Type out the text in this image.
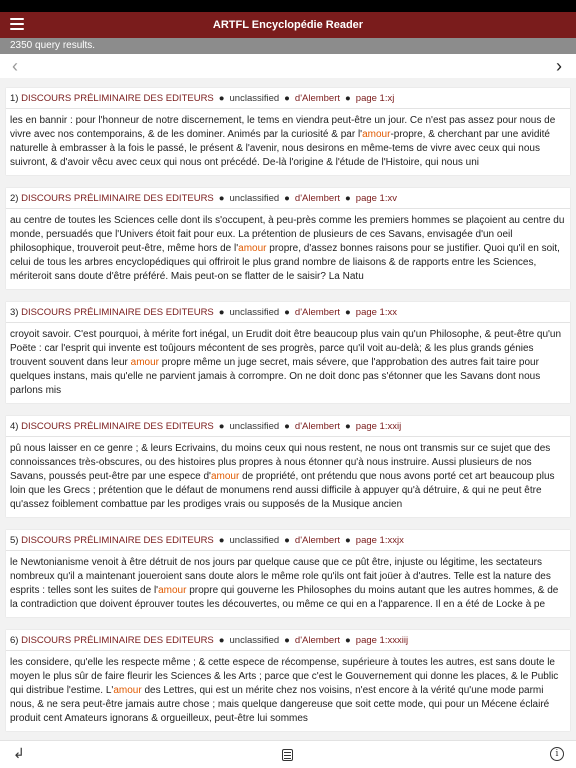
ARTFL Encyclopédie Reader
2350 query results.
‹	›
1) DISCOURS PRÉLIMINAIRE DES EDITEURS ● unclassified ● d'Alembert ● page 1:xj
les en bannir : pour l'honneur de notre discernement, le tems en viendra peut-être un jour. Ce n'est pas assez pour nous de vivre avec nos contemporains, & de les dominer. Animés par la curiosité & par l'amour-propre, & cherchant par une avidité naturelle à embrasser à la fois le passé, le présent & l'avenir, nous desirons en même-tems de vivre avec ceux qui nous suivront, & d'avoir vêcu avec ceux qui nous ont précédé. De-là l'origine & l'étude de l'Histoire, qui nous uni
2) DISCOURS PRÉLIMINAIRE DES EDITEURS ● unclassified ● d'Alembert ● page 1:xv
au centre de toutes les Sciences celle dont ils s'occupent, à peu-près comme les premiers hommes se plaçoient au centre du monde, persuadés que l'Univers étoit fait pour eux. La prétention de plusieurs de ces Savans, envisagée d'un oeil philosophique, trouveroit peut-être, même hors de l'amour propre, d'assez bonnes raisons pour se justifier. Quoi qu'il en soit, celui de tous les arbres encyclopédiques qui offriroit le plus grand nombre de liaisons & de rapports entre les Sciences, mériteroit sans doute d'être préféré. Mais peut-on se flatter de le saisir? La Natu
3) DISCOURS PRÉLIMINAIRE DES EDITEURS ● unclassified ● d'Alembert ● page 1:xx
croyoit savoir. C'est pourquoi, à mérite fort inégal, un Erudit doit être beaucoup plus vain qu'un Philosophe, & peut-être qu'un Poëte : car l'esprit qui invente est toûjours mécontent de ses progrès, parce qu'il voit au-delà; & les plus grands génies trouvent souvent dans leur amour propre même un juge secret, mais sévere, que l'approbation des autres fait taire pour quelques instans, mais qu'elle ne parvient jamais à corrompre. On ne doit donc pas s'étonner que les Savans dont nous parlons mis
4) DISCOURS PRÉLIMINAIRE DES EDITEURS ● unclassified ● d'Alembert ● page 1:xxij
pû nous laisser en ce genre ; & leurs Ecrivains, du moins ceux qui nous restent, ne nous ont transmis sur ce sujet que des connoissances très-obscures, ou des histoires plus propres à nous étonner qu'à nous instruire. Aussi plusieurs de nos Savans, poussés peut-être par une espece d'amour de propriété, ont prétendu que nous avons porté cet art beaucoup plus loin que les Grecs ; prétention que le défaut de monumens rend aussi difficile à appuyer qu'à détruire, & qui ne peut être qu'assez foiblement combattue par les prodiges vrais ou supposés de la Musique ancien
5) DISCOURS PRÉLIMINAIRE DES EDITEURS ● unclassified ● d'Alembert ● page 1:xxjx
le Newtonianisme venoit à être détruit de nos jours par quelque cause que ce pût être, injuste ou légitime, les sectateurs nombreux qu'il a maintenant joueroient sans doute alors le même role qu'ils ont fait joüer à d'autres. Telle est la nature des esprits : telles sont les suites de l'amour propre qui gouverne les Philosophes du moins autant que les autres hommes, & de la contradiction que doivent éprouver toutes les découvertes, ou même ce qui en a l'apparence. Il en a été de Locke à pe
6) DISCOURS PRÉLIMINAIRE DES EDITEURS ● unclassified ● d'Alembert ● page 1:xxxiij
les considere, qu'elle les respecte même ; & cette espece de récompense, supérieure à toutes les autres, est sans doute le moyen le plus sûr de faire fleurir les Sciences & les Arts ; parce que c'est le Gouvernement qui donne les places, & le Public qui distribue l'estime. L'amour des Lettres, qui est un mérite chez nos voisins, n'est encore à la vérité qu'une mode parmi nous, & ne sera peut-être jamais autre chose ; mais quelque dangereuse que soit cette mode, qui pour un Mécene éclairé produit cent Amateurs ignorans & orgueilleux, peut-être lui sommes
↲	i
